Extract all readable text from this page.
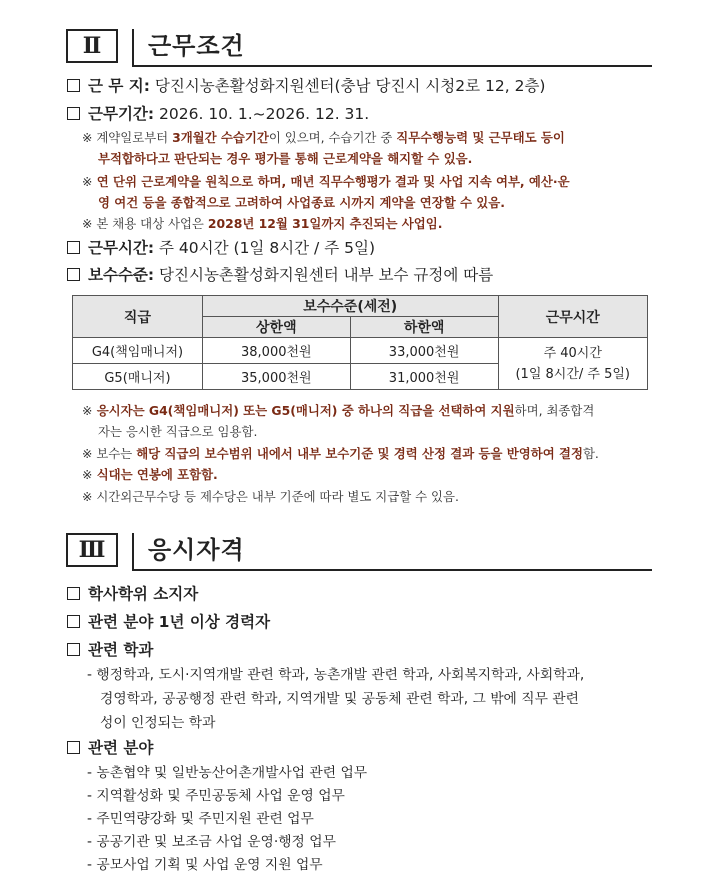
Ⅱ	근무조건
근 무 지: 당진시농촌활성화지원센터(충남 당진시 시청2로 12, 2층)
근무기간: 2026. 10. 1.~2026. 12. 31.
※ 계약일로부터 3개월간 수습기간이 있으며, 수습기간 중 직무수행능력 및 근무태도 등이
부적합하다고 판단되는 경우 평가를 통해 근로계약을 해지할 수 있음.
※ 연 단위 근로계약을 원칙으로 하며, 매년 직무수행평가 결과 및 사업 지속 여부, 예산·운
영 여건 등을 종합적으로 고려하여 사업종료 시까지 계약을 연장할 수 있음.
※ 본 채용 대상 사업은 2028년 12월 31일까지 추진되는 사업임.
근무시간: 주 40시간 (1일 8시간 / 주 5일)
보수수준: 당진시농촌활성화지원센터 내부 보수 규정에 따름
직급	보수수준(세전)		근무시간
	상한액	하한액	
G4(책임매니저)	38,000천원	33,000천원	주 40시간
(1일 8시간/ 주 5일)

G5(매니저)	35,000천원	31,000천원	
※ 응시자는 G4(책임매니저) 또는 G5(매니저) 중 하나의 직급을 선택하여 지원하며, 최종합격
자는 응시한 직급으로 임용함.
※ 보수는 해당 직급의 보수범위 내에서 내부 보수기준 및 경력 산정 결과 등을 반영하여 결정함.
※ 식대는 연봉에 포함함.
※ 시간외근무수당 등 제수당은 내부 기준에 따라 별도 지급할 수 있음.
Ⅲ	응시자격
학사학위 소지자
관련 분야 1년 이상 경력자
관련 학과
- 행정학과, 도시·지역개발 관련 학과, 농촌개발 관련 학과, 사회복지학과, 사회학과,
경영학과, 공공행정 관련 학과, 지역개발 및 공동체 관련 학과, 그 밖에 직무 관련
성이 인정되는 학과
관련 분야
- 농촌협약 및 일반농산어촌개발사업 관련 업무
- 지역활성화 및 주민공동체 사업 운영 업무
- 주민역량강화 및 주민지원 관련 업무
- 공공기관 및 보조금 사업 운영·행정 업무
- 공모사업 기획 및 사업 운영 지원 업무
